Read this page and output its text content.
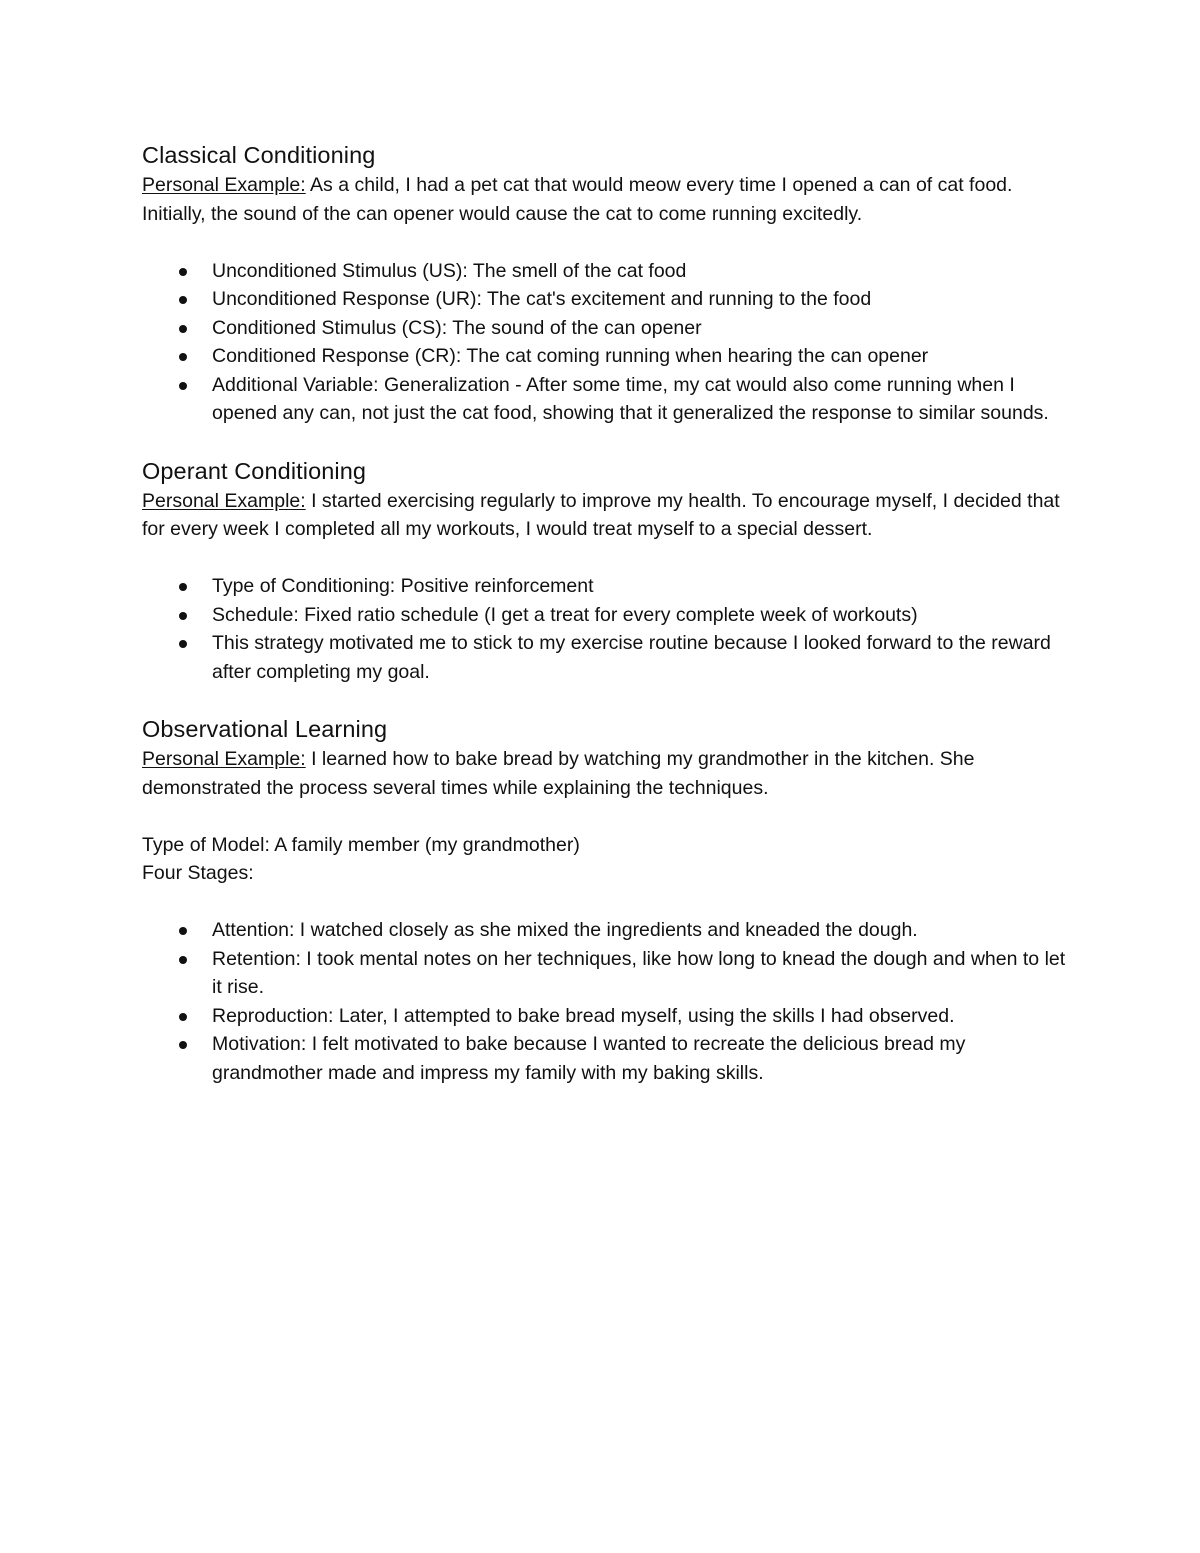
Classical Conditioning

Personal Example: As a child, I had a pet cat that would meow every time I opened a can of cat food. Initially, the sound of the can opener would cause the cat to come running excitedly.

Unconditioned Stimulus (US): The smell of the cat food
Unconditioned Response (UR): The cat's excitement and running to the food
Conditioned Stimulus (CS): The sound of the can opener
Conditioned Response (CR): The cat coming running when hearing the can opener
Additional Variable: Generalization - After some time, my cat would also come running when I opened any can, not just the cat food, showing that it generalized the response to similar sounds.
Operant Conditioning

Personal Example: I started exercising regularly to improve my health. To encourage myself, I decided that for every week I completed all my workouts, I would treat myself to a special dessert.

Type of Conditioning: Positive reinforcement
Schedule: Fixed ratio schedule (I get a treat for every complete week of workouts)
This strategy motivated me to stick to my exercise routine because I looked forward to the reward after completing my goal.
Observational Learning

Personal Example: I learned how to bake bread by watching my grandmother in the kitchen. She demonstrated the process several times while explaining the techniques.

Type of Model: A family member (my grandmother)

Four Stages:

Attention: I watched closely as she mixed the ingredients and kneaded the dough.
Retention: I took mental notes on her techniques, like how long to knead the dough and when to let it rise.
Reproduction: Later, I attempted to bake bread myself, using the skills I had observed.
Motivation: I felt motivated to bake because I wanted to recreate the delicious bread my grandmother made and impress my family with my baking skills.
